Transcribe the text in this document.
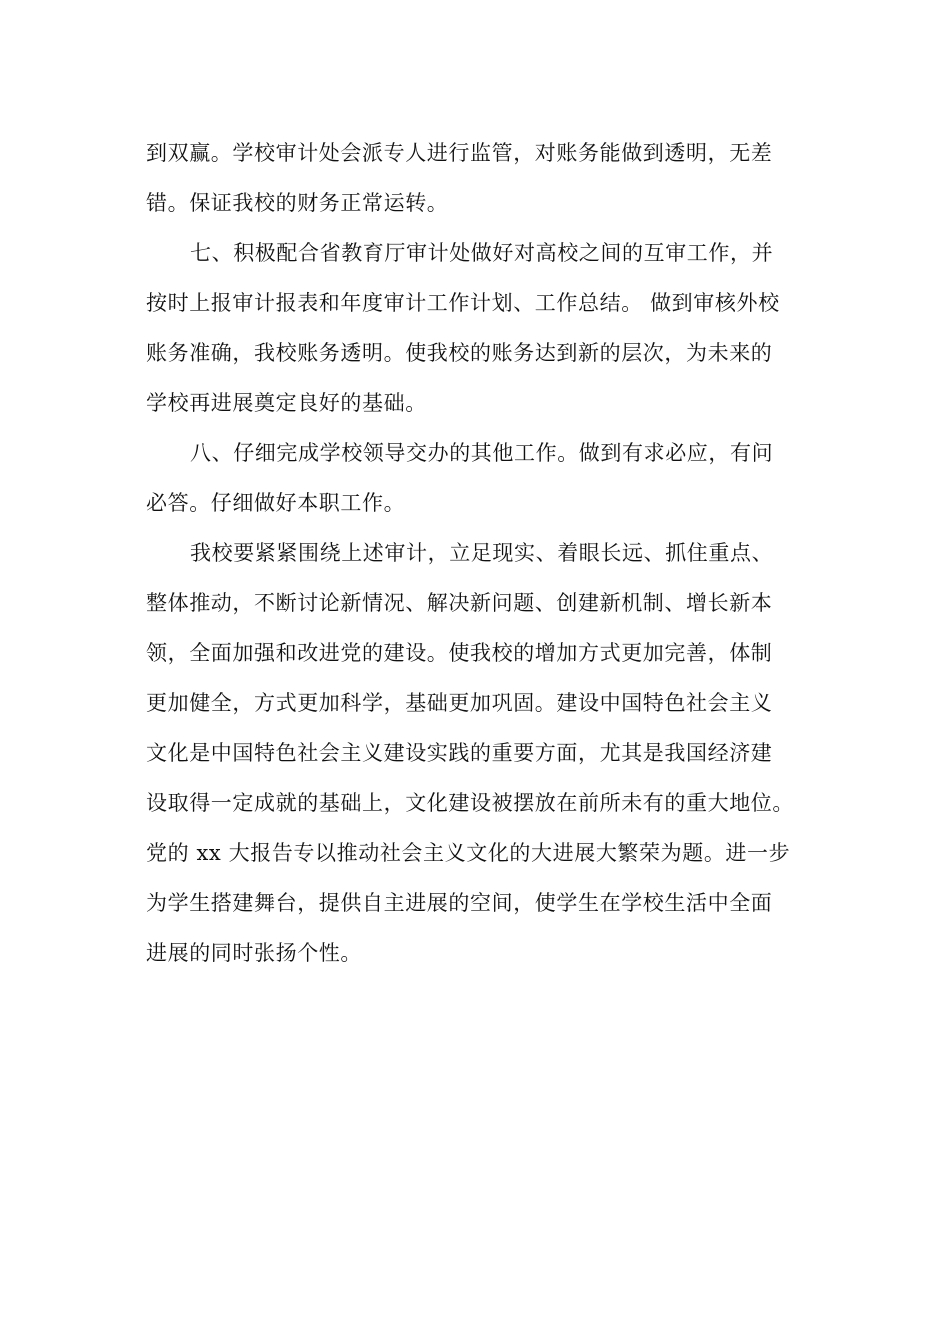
到双赢。学校审计处会派专人进行监管，对账务能做到透明，无差
错。保证我校的财务正常运转。
七、积极配合省教育厅审计处做好对高校之间的互审工作，并
按时上报审计报表和年度审计工作计划、工作总结。 做到审核外校
账务准确，我校账务透明。使我校的账务达到新的层次，为未来的
学校再进展奠定良好的基础。
八、仔细完成学校领导交办的其他工作。做到有求必应，有问
必答。仔细做好本职工作。
我校要紧紧围绕上述审计，立足现实、着眼长远、抓住重点、
整体推动，不断讨论新情况、解决新问题、创建新机制、增长新本
领，全面加强和改进党的建设。使我校的增加方式更加完善，体制
更加健全，方式更加科学，基础更加巩固。建设中国特色社会主义
文化是中国特色社会主义建设实践的重要方面，尤其是我国经济建
设取得一定成就的基础上，文化建设被摆放在前所未有的重大地位。
党的 xx 大报告专以推动社会主义文化的大进展大繁荣为题。进一步
为学生搭建舞台，提供自主进展的空间，使学生在学校生活中全面
进展的同时张扬个性。
